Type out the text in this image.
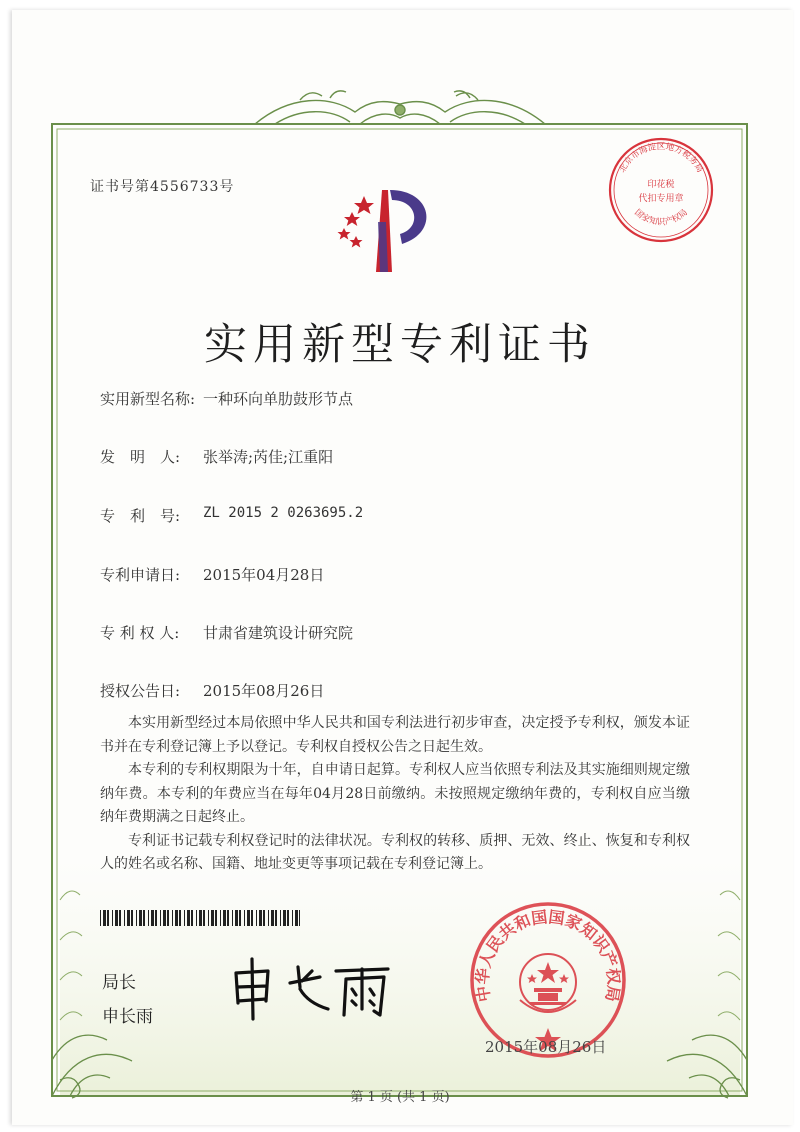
证书号第4556733号
北京市海淀区地方税务局
印花税
代扣专用章
国家知识产权局
实用新型专利证书
实用新型名称: 一种环向单肋鼓形节点
发　明　人: 张举涛;芮佳;江重阳
专　利　号: ZL 2015 2 0263695.2
专利申请日: 2015年04月28日
专 利 权 人: 甘肃省建筑设计研究院
授权公告日: 2015年08月26日

本实用新型经过本局依照中华人民共和国专利法进行初步审查，决定授予专利权，颁发本证书并在专利登记簿上予以登记。专利权自授权公告之日起生效。

本专利的专利权期限为十年，自申请日起算。专利权人应当依照专利法及其实施细则规定缴纳年费。本专利的年费应当在每年04月28日前缴纳。未按照规定缴纳年费的，专利权自应当缴纳年费期满之日起终止。

专利证书记载专利权登记时的法律状况。专利权的转移、质押、无效、终止、恢复和专利权人的姓名或名称、国籍、地址变更等事项记载在专利登记簿上。

局长
申长雨
中华人民共和国国家知识产权局
2015年08月26日
第 1 页 (共 1 页)
